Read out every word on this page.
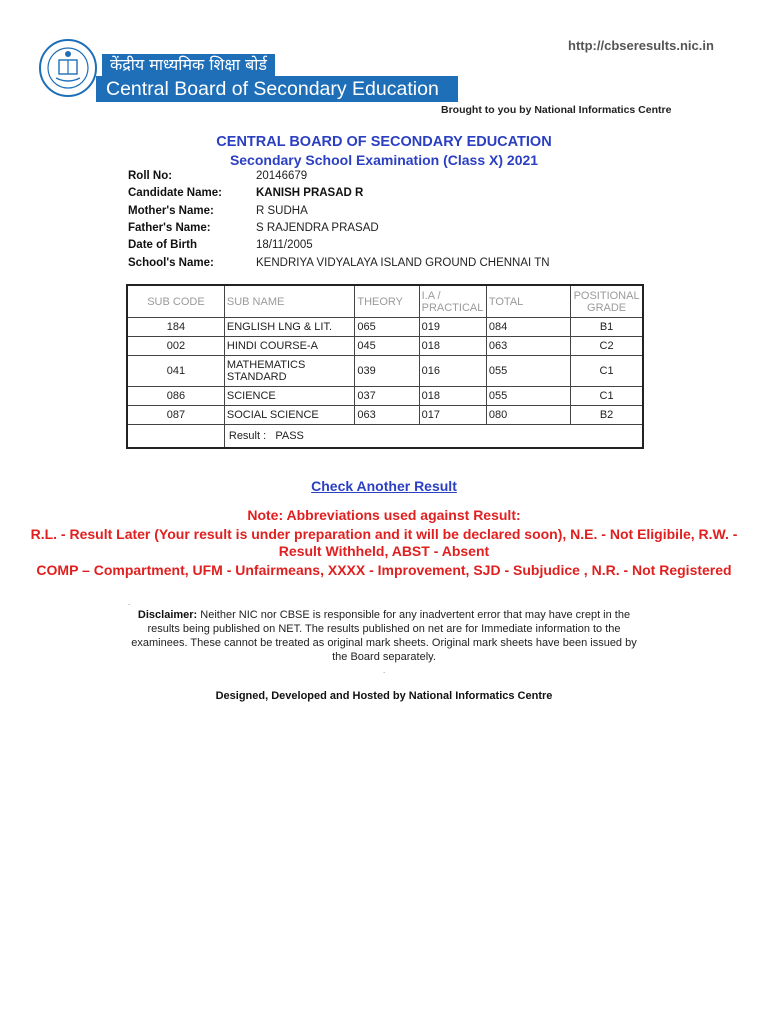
http://cbseresults.nic.in
केंद्रीय माध्यमिक शिक्षा बोर्ड
Central Board of Secondary Education
Brought to you by National Informatics Centre
CENTRAL BOARD OF SECONDARY EDUCATION
Secondary School Examination (Class X) 2021
Roll No:	20146679
Candidate Name:	KANISH PRASAD R
Mother's Name:	R SUDHA
Father's Name:	S RAJENDRA PRASAD
Date of Birth	18/11/2005
School's Name:	KENDRIYA VIDYALAYA ISLAND GROUND CHENNAI TN
SUB CODE	SUB NAME	THEORY	I.A / PRACTICAL	TOTAL	POSITIONAL GRADE
184	ENGLISH LNG & LIT.	065	019	084	B1
002	HINDI COURSE-A	045	018	063	C2
041	MATHEMATICS STANDARD	039	016	055	C1
086	SCIENCE	037	018	055	C1
087	SOCIAL SCIENCE	063	017	080	B2
	Result : PASS				
Check Another Result
Note: Abbreviations used against Result:
R.L. - Result Later (Your result is under preparation and it will be declared soon), N.E. - Not Eligibile, R.W. -
Result Withheld, ABST - Absent
COMP – Compartment, UFM - Unfairmeans, XXXX - Improvement, SJD - Subjudice , N.R. - Not Registered
.
Disclaimer: Neither NIC nor CBSE is responsible for any inadvertent error that may have crept in the results being published on NET. The results published on net are for Immediate information to the examinees. These cannot be treated as original mark sheets. Original mark sheets have been issued by the Board separately.
.
Designed, Developed and Hosted by National Informatics Centre
